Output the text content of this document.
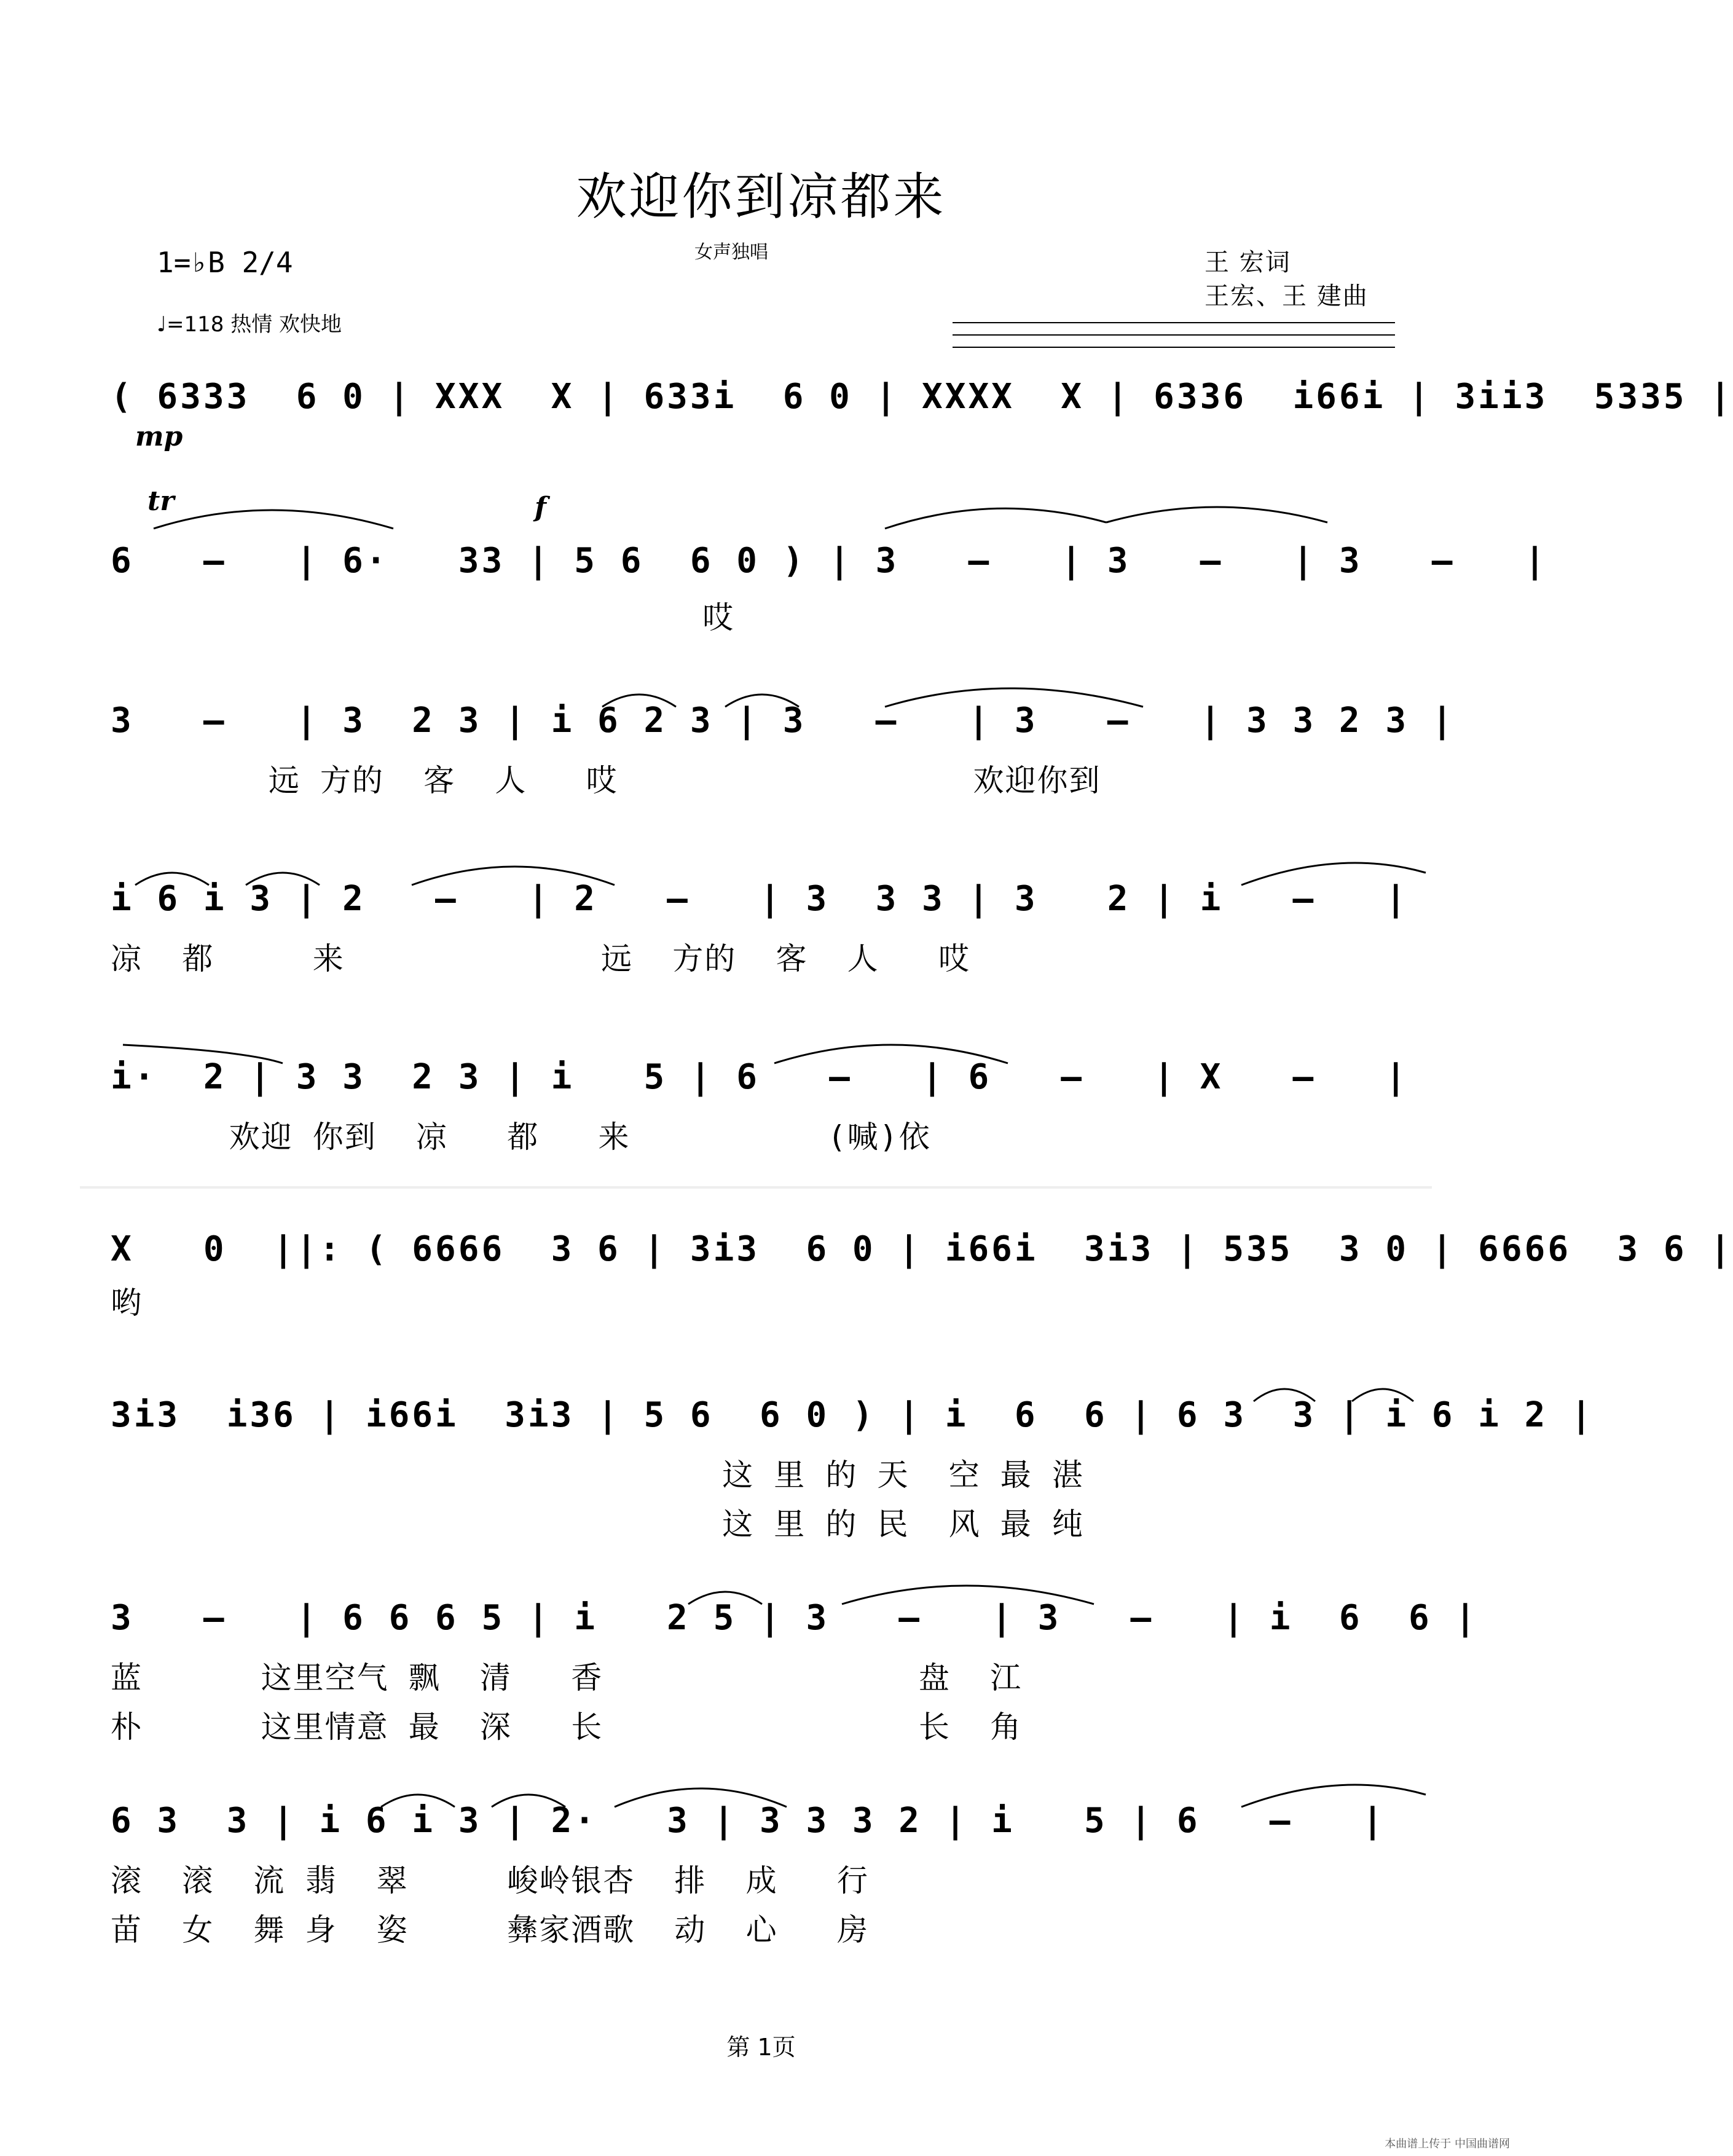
欢迎你到凉都来
女声独唱
1=♭B 2/4
♩=118 热情 欢快地
王 宏词
王宏、王 建曲
( 6333  6 0 | XXX  X | 633i  6 0 | XXXX  X | 6336  i66i | 3ii3  5335 |
mp
tr	f
6   –   | 6·   33 | 5 6  6 0 ) | 3   –   | 3   –   | 3   –   |
哎
3   –   | 3  2 3 | i 6 2 3 | 3   –   | 3   –   | 3 3 2 3 |
远 方的  客  人   哎                  欢迎你到
i 6 i 3 | 2   –   | 2   –   | 3  3 3 | 3   2 | i   –   |
凉  都     来             远  方的  客  人   哎
i·  2 | 3 3  2 3 | i   5 | 6   –   | 6   –   | X   –   |
欢迎 你到  凉   都   来          (喊)依
X   0  ||: ( 6666  3 6 | 3i3  6 0 | i66i  3i3 | 535  3 0 | 6666  3 6 |
哟
3i3  i36 | i66i  3i3 | 5 6  6 0 ) | i  6  6 | 6 3  3 | i 6 i 2 |
这 里 的 天  空 最 湛
这 里 的 民  风 最 纯
3   –   | 6 6 6 5 | i   2 5 | 3   –   | 3   –   | i  6  6 |
蓝      这里空气 飘  清   香                盘  江
朴      这里情意 最  深   长                长  角
6 3  3 | i 6 i 3 | 2·   3 | 3 3 3 2 | i   5 | 6   –   |
滚  滚  流 翡  翠     峻岭银杏  排  成   行
苗  女  舞 身  姿     彝家酒歌  动  心   房
第 1页
本曲谱上传于 中国曲谱网
